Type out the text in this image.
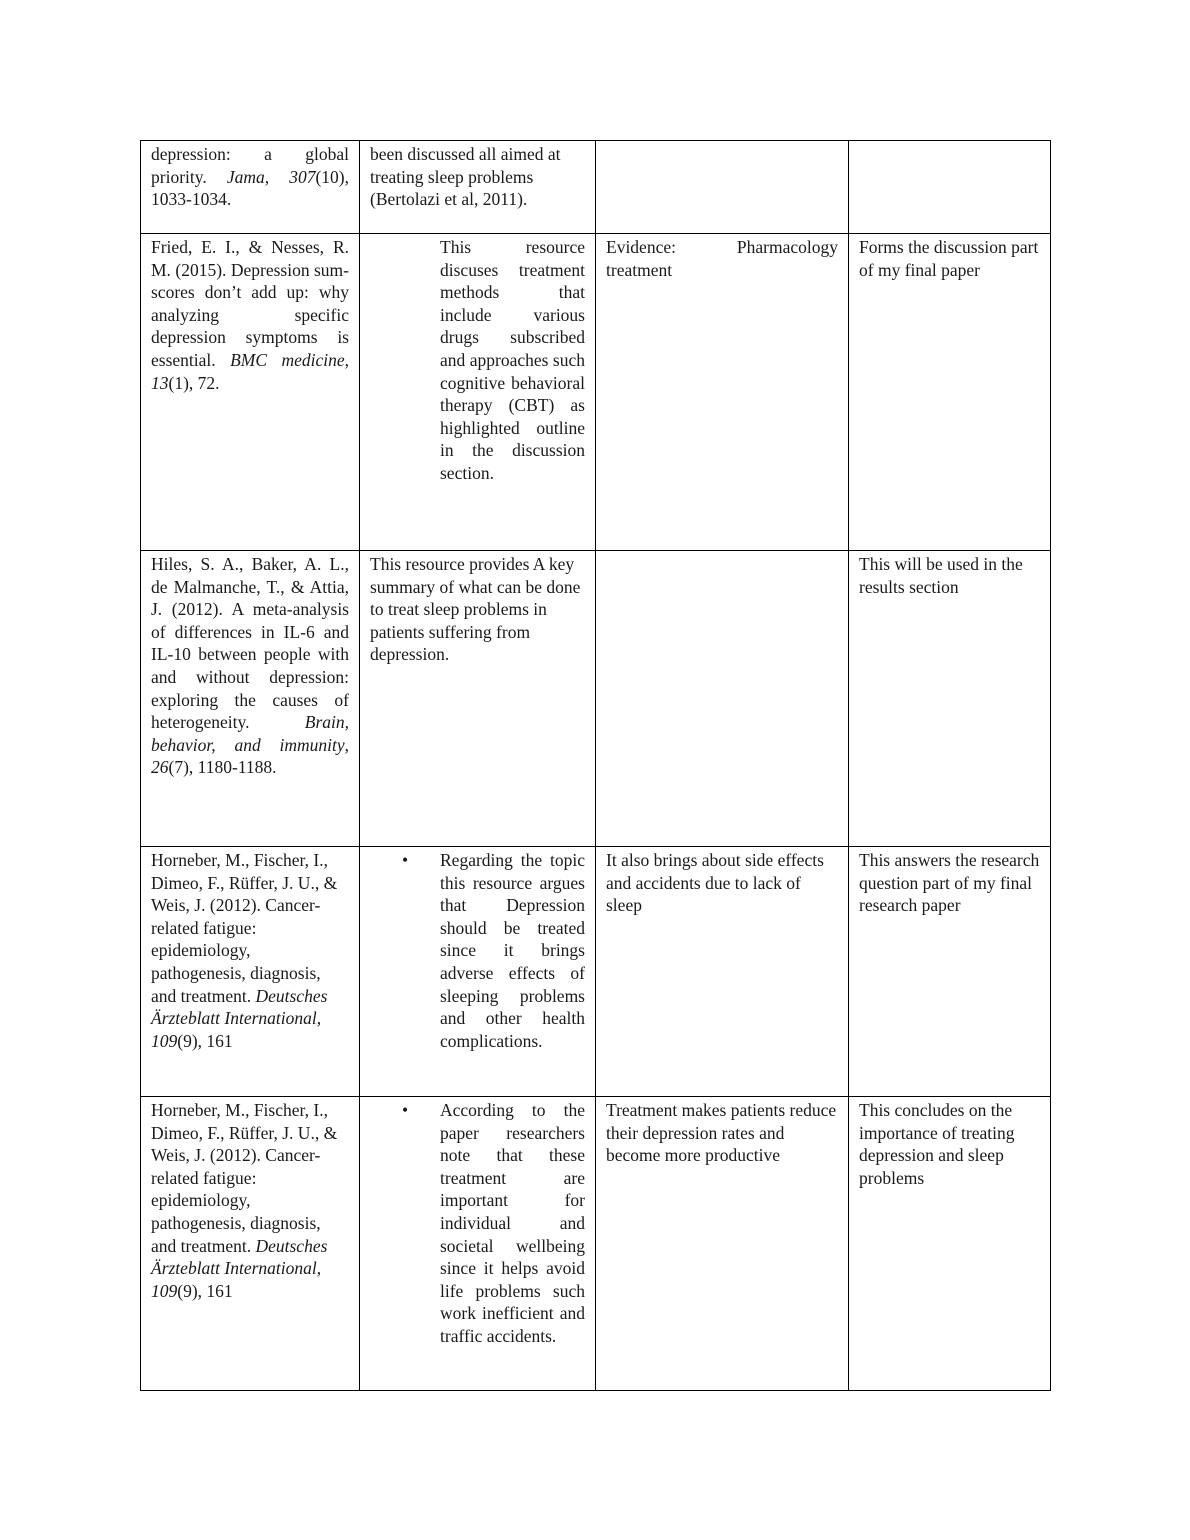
depression: a global priority. Jama, 307(10), 1033-1034.	been discussed all aimed at treating sleep problems (Bertolazi et al, 2011).		

Fried, E. I., & Nesses, R. M. (2015). Depression sum-scores don’t add up: why analyzing specific depression symptoms is essential. BMC medicine, 13(1), 72.	This resource discuses treatment methods that include various drugs subscribed and approaches such cognitive behavioral therapy (CBT) as highlighted outline in the discussion section.	Evidence: Pharmacology treatment	Forms the discussion part of my final paper

Hiles, S. A., Baker, A. L., de Malmanche, T., & Attia, J. (2012). A meta-analysis of differences in IL-6 and IL-10 between people with and without depression: exploring the causes of heterogeneity. Brain, behavior, and immunity, 26(7), 1180-1188.	This resource provides A key summary of what can be done to treat sleep problems in patients suffering from depression.		This will be used in the results section

Horneber, M., Fischer, I., Dimeo, F., Rüffer, J. U., & Weis, J. (2012). Cancer-related fatigue: epidemiology, pathogenesis, diagnosis, and treatment. Deutsches Ärzteblatt International, 109(9), 161	• Regarding the topic this resource argues that Depression should be treated since it brings adverse effects of sleeping problems and other health complications.	It also brings about side effects and accidents due to lack of sleep	This answers the research question part of my final research paper

Horneber, M., Fischer, I., Dimeo, F., Rüffer, J. U., & Weis, J. (2012). Cancer-related fatigue: epidemiology, pathogenesis, diagnosis, and treatment. Deutsches Ärzteblatt International, 109(9), 161	• According to the paper researchers note that these treatment are important for individual and societal wellbeing since it helps avoid life problems such work inefficient and traffic accidents.	Treatment makes patients reduce their depression rates and become more productive	This concludes on the importance of treating depression and sleep problems
